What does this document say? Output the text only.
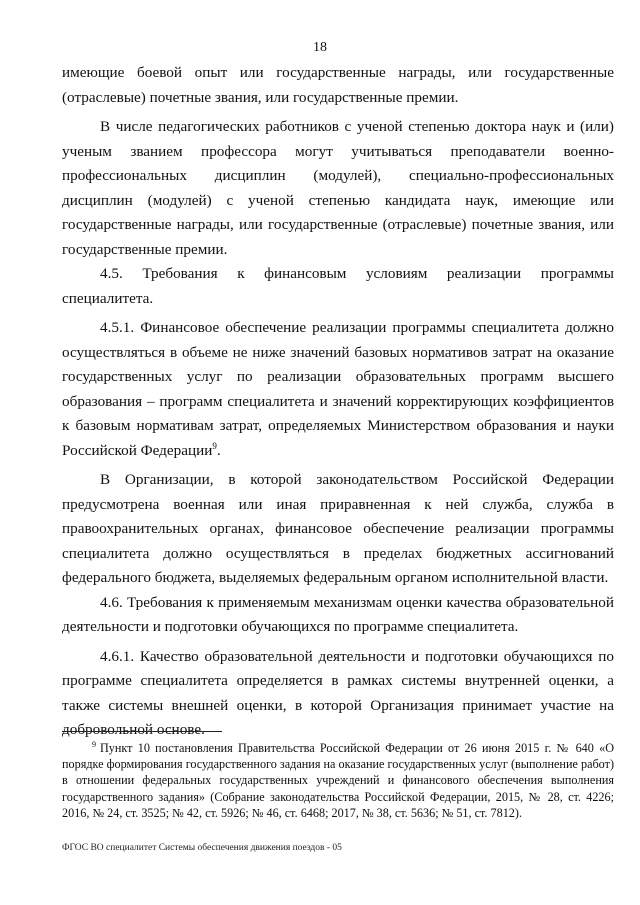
18

имеющие боевой опыт или государственные награды, или государственные (отраслевые) почетные звания, или государственные премии.

В числе педагогических работников с ученой степенью доктора наук и (или) ученым званием профессора могут учитываться преподаватели военно-профессиональных дисциплин (модулей), специально-профессиональных дисциплин (модулей) с ученой степенью кандидата наук, имеющие или государственные награды, или государственные (отраслевые) почетные звания, или государственные премии.

4.5. Требования к финансовым условиям реализации программы специалитета.

4.5.1. Финансовое обеспечение реализации программы специалитета должно осуществляться в объеме не ниже значений базовых нормативов затрат на оказание государственных услуг по реализации образовательных программ высшего образования – программ специалитета и значений корректирующих коэффициентов к базовым нормативам затрат, определяемых Министерством образования и науки Российской Федерации$^9$.

В Организации, в которой законодательством Российской Федерации предусмотрена военная или иная приравненная к ней служба, служба в правоохранительных органах, финансовое обеспечение реализации программы специалитета должно осуществляться в пределах бюджетных ассигнований федерального бюджета, выделяемых федеральным органом исполнительной власти.

4.6. Требования к применяемым механизмам оценки качества образовательной деятельности и подготовки обучающихся по программе специалитета.

4.6.1. Качество образовательной деятельности и подготовки обучающихся по программе специалитета определяется в рамках системы внутренней оценки, а также системы внешней оценки, в которой Организация принимает участие на добровольной основе.

$^9$ Пункт 10 постановления Правительства Российской Федерации от 26 июня 2015 г. № 640 «О порядке формирования государственного задания на оказание государственных услуг (выполнение работ) в отношении федеральных государственных учреждений и финансового обеспечения выполнения государственного задания» (Собрание законодательства Российской Федерации, 2015, № 28, ст. 4226; 2016, № 24, ст. 3525; № 42, ст. 5926; № 46, ст. 6468; 2017, № 38, ст. 5636; № 51, ст. 7812).
ФГОС ВО специалитет Системы обеспечения движения поездов - 05
